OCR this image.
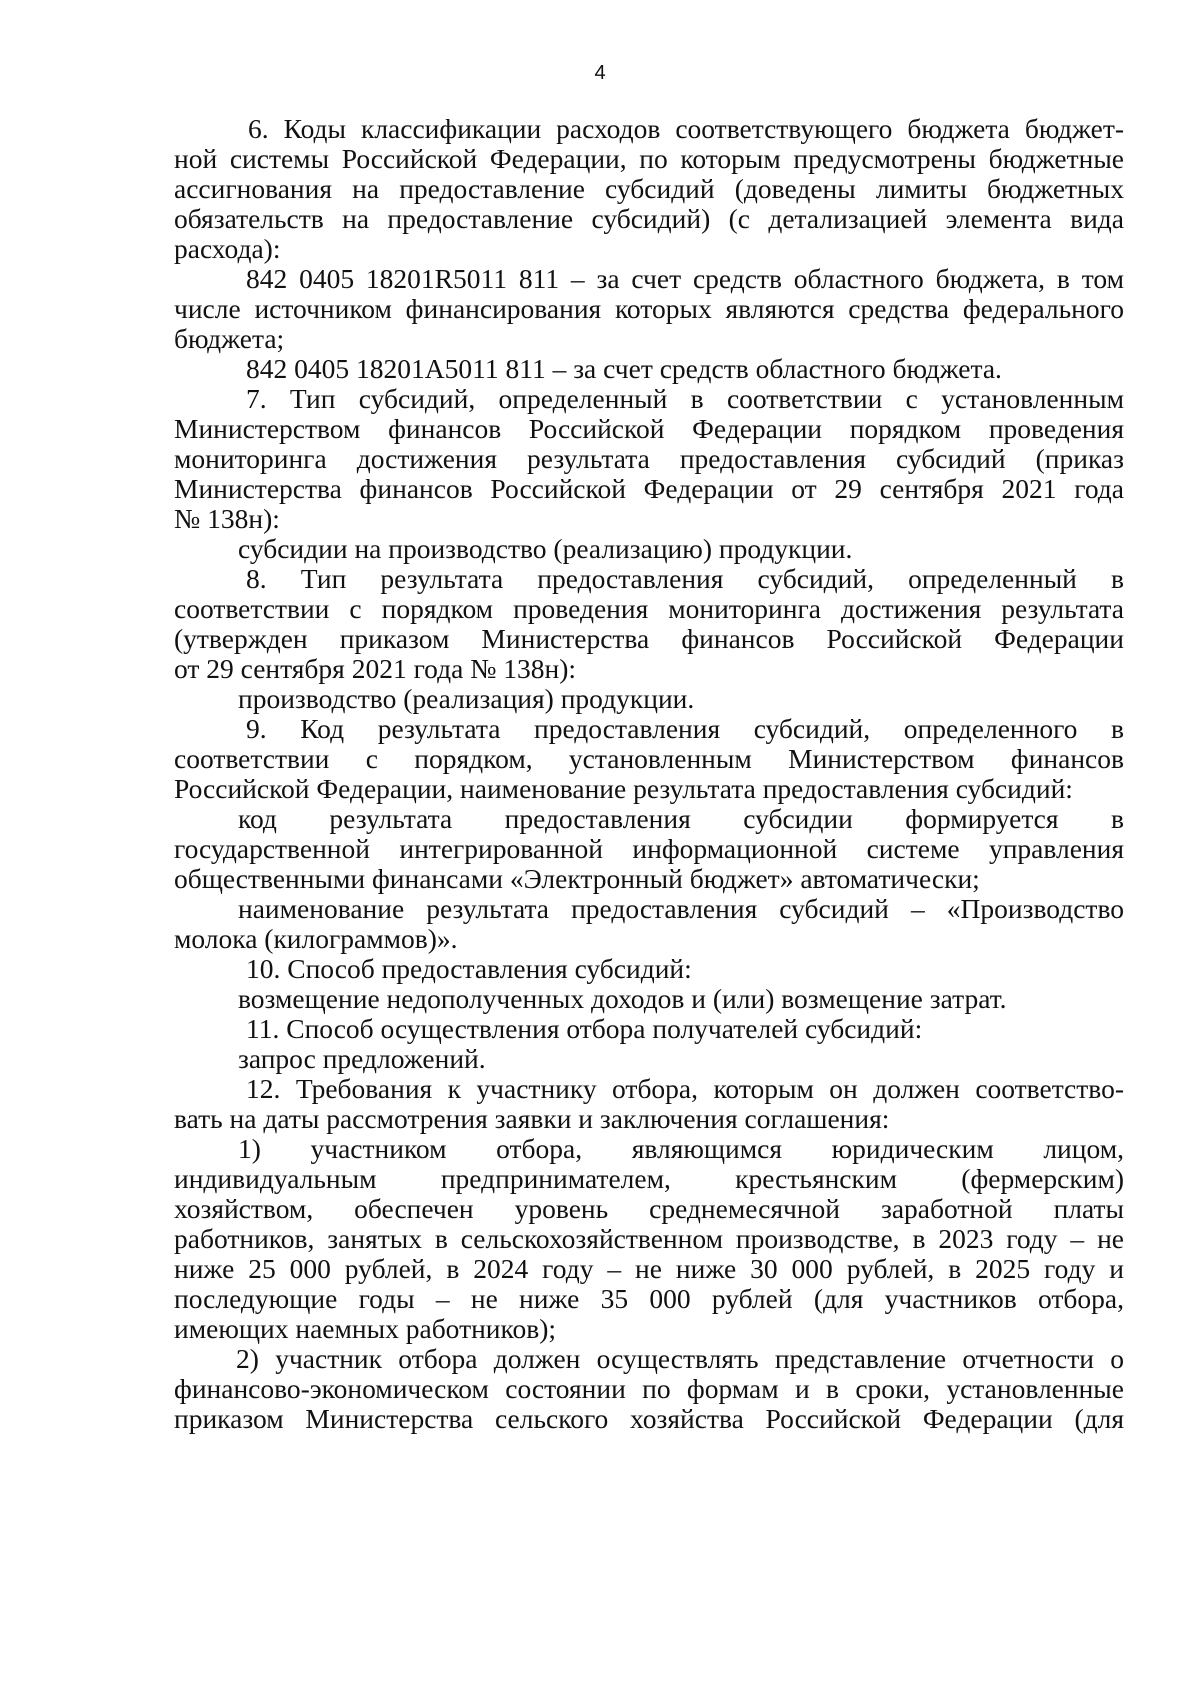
4

6. Коды классификации расходов соответствующего бюджета бюджет-
ной системы Российской Федерации, по которым предусмотрены бюджетные
ассигнования на предоставление субсидий (доведены лимиты бюджетных
обязательств на предоставление субсидий) (с детализацией элемента вида
расхода):

842 0405 18201R5011 811 – за счет средств областного бюджета, в том
числе источником финансирования которых являются средства федерального
бюджета;

842 0405 18201А5011 811 – за счет средств областного бюджета.

7. Тип субсидий, определенный в соответствии с установленным
Министерством финансов Российской Федерации порядком проведения
мониторинга достижения результата предоставления субсидий (приказ
Министерства финансов Российской Федерации от 29 сентября 2021 года
№ 138н):

субсидии на производство (реализацию) продукции.

8. Тип результата предоставления субсидий, определенный в
соответствии с порядком проведения мониторинга достижения результата
(утвержден приказом Министерства финансов Российской Федерации
от 29 сентября 2021 года № 138н):

производство (реализация) продукции.

9. Код результата предоставления субсидий, определенного в
соответствии с порядком, установленным Министерством финансов
Российской Федерации, наименование результата предоставления субсидий:

код результата предоставления субсидии формируется в
государственной интегрированной информационной системе управления
общественными финансами «Электронный бюджет» автоматически;

наименование результата предоставления субсидий – «Производство
молока (килограммов)».

10. Способ предоставления субсидий:

возмещение недополученных доходов и (или) возмещение затрат.

11. Способ осуществления отбора получателей субсидий:

запрос предложений.

12. Требования к участнику отбора, которым он должен соответство-
вать на даты рассмотрения заявки и заключения соглашения:

1) участником отбора, являющимся юридическим лицом,
индивидуальным предпринимателем, крестьянским (фермерским)
хозяйством, обеспечен уровень среднемесячной заработной платы
работников, занятых в сельскохозяйственном производстве, в 2023 году – не
ниже 25 000 рублей, в 2024 году – не ниже 30 000 рублей, в 2025 году и
последующие годы – не ниже 35 000 рублей (для участников отбора,
имеющих наемных работников);

2) участник отбора должен осуществлять представление отчетности о
финансово-экономическом состоянии по формам и в сроки, установленные
приказом Министерства сельского хозяйства Российской Федерации (для
